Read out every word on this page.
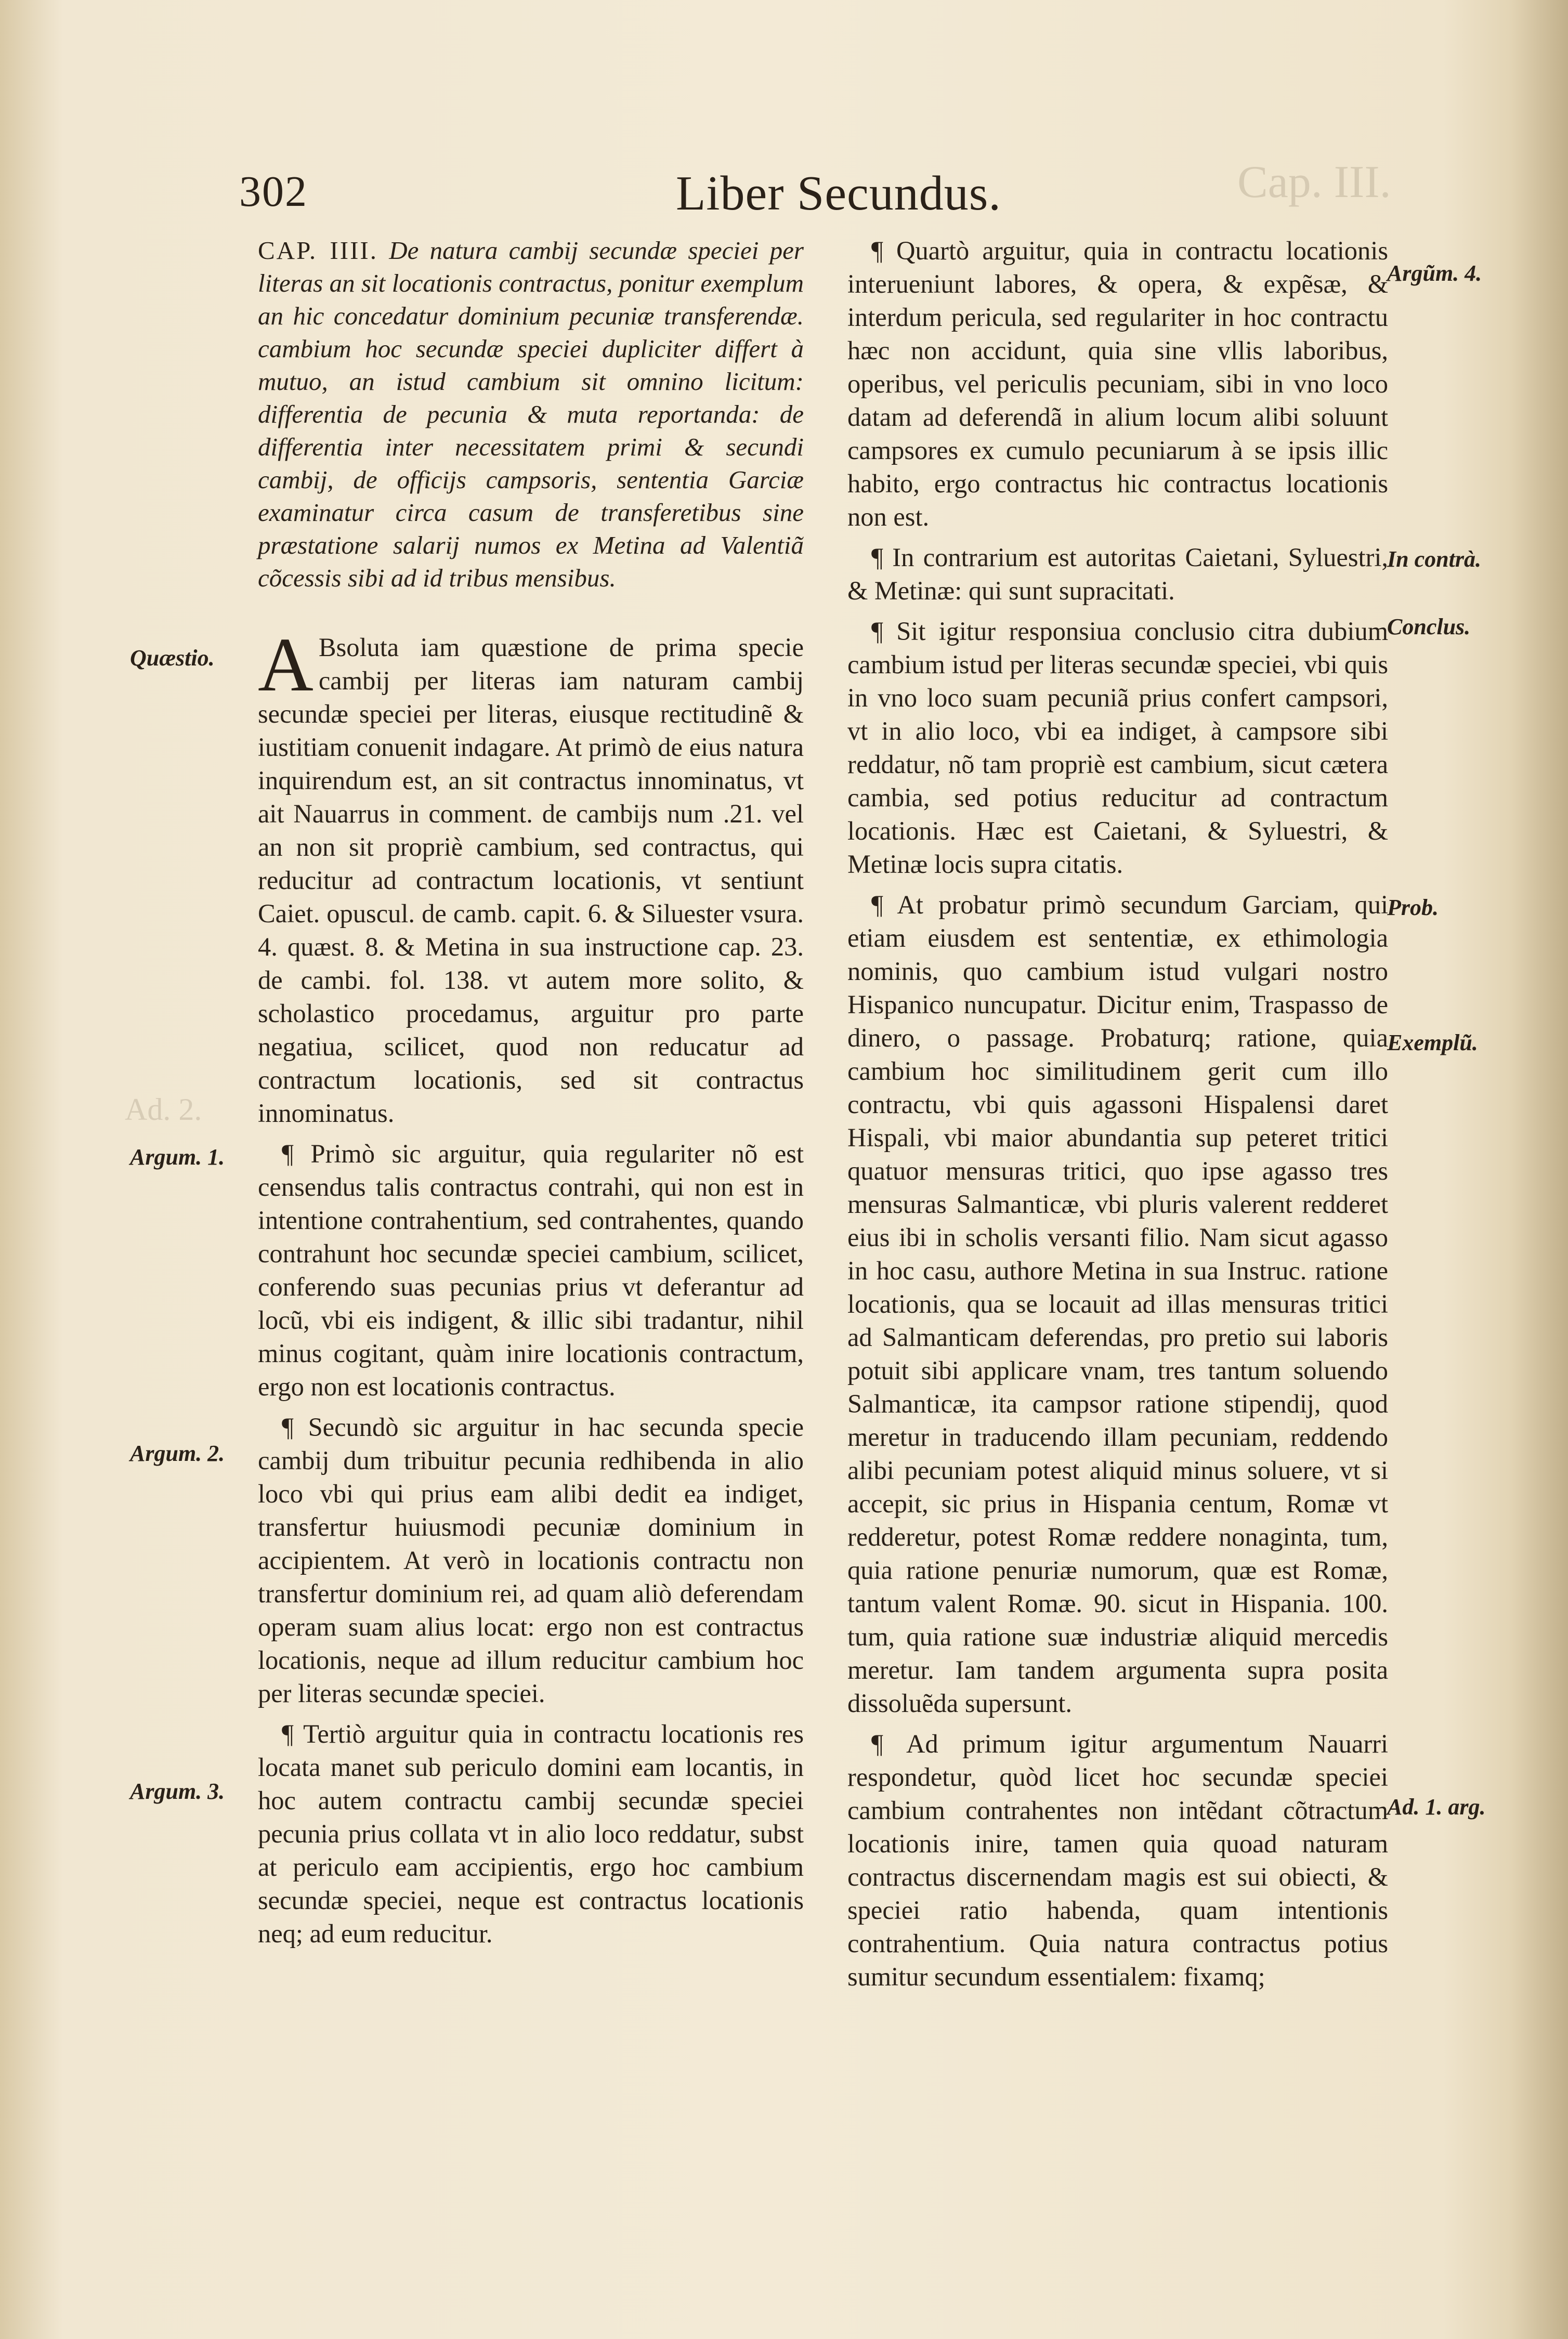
Cap. III.
Ad. 2.
302	Liber Secundus.

CAP. IIII. De natura cambij secundæ speciei per literas an sit locationis contractus, ponitur exemplum an hic concedatur dominium pecuniæ transferendæ. cambium hoc secundæ speciei dupliciter differt à mutuo, an istud cambium sit omnino licitum: differentia de pecunia & muta reportanda: de differentia inter necessitatem primi & secundi cambij, de officijs campsoris, sententia Garciæ examinatur circa casum de transferetibus sine præstatione salarij numos ex Metina ad Valentiã cõcessis sibi ad id tribus mensibus.

A Bsoluta iam quæstione de prima specie cambij per literas iam naturam cambij secundæ speciei per literas, eiusque rectitudinẽ & iustitiam conuenit indagare. At primò de eius natura inquirendum est, an sit contractus innominatus, vt ait Nauarrus in comment. de cambijs num .21. vel an non sit propriè cambium, sed contractus, qui reducitur ad contractum locationis, vt sentiunt Caiet. opuscul. de camb. capit. 6. & Siluester vsura. 4. quæst. 8. & Metina in sua instructione cap. 23. de cambi. fol. 138. vt autem more solito, & scholastico procedamus, arguitur pro parte negatiua, scilicet, quod non reducatur ad contractum locationis, sed sit contractus innominatus.

¶ Primò sic arguitur, quia regulariter nõ est censendus talis contractus contrahi, qui non est in intentione contrahentium, sed contrahentes, quando contrahunt hoc secundæ speciei cambium, scilicet, conferendo suas pecunias prius vt deferantur ad locũ, vbi eis indigent, & illic sibi tradantur, nihil minus cogitant, quàm inire locationis contractum, ergo non est locationis contractus.

¶ Secundò sic arguitur in hac secunda specie cambij dum tribuitur pecunia redhibenda in alio loco vbi qui prius eam alibi dedit ea indiget, transfertur huiusmodi pecuniæ dominium in accipientem. At verò in locationis contractu non transfertur dominium rei, ad quam aliò deferendam operam suam alius locat: ergo non est contractus locationis, neque ad illum reducitur cambium hoc per literas secundæ speciei.

¶ Tertiò arguitur quia in contractu locationis res locata manet sub periculo domini eam locantis, in hoc autem contractu cambij secundæ speciei pecunia prius collata vt in alio loco reddatur, subst at periculo eam accipientis, ergo hoc cambium secundæ speciei, neque est contractus locationis neq; ad eum reducitur.

¶ Quartò arguitur, quia in contractu locationis interueniunt labores, & opera, & expẽsæ, & interdum pericula, sed regulariter in hoc contractu hæc non accidunt, quia sine vllis laboribus, operibus, vel periculis pecuniam, sibi in vno loco datam ad deferendã in alium locum alibi soluunt campsores ex cumulo pecuniarum à se ipsis illic habito, ergo contractus hic contractus locationis non est.

¶ In contrarium est autoritas Caietani, Syluestri, & Metinæ: qui sunt supracitati.

¶ Sit igitur responsiua conclusio citra dubium cambium istud per literas secundæ speciei, vbi quis in vno loco suam pecuniã prius confert campsori, vt in alio loco, vbi ea indiget, à campsore sibi reddatur, nõ tam propriè est cambium, sicut cætera cambia, sed potius reducitur ad contractum locationis. Hæc est Caietani, & Syluestri, & Metinæ locis supra citatis.

¶ At probatur primò secundum Garciam, qui etiam eiusdem est sententiæ, ex ethimologia nominis, quo cambium istud vulgari nostro Hispanico nuncupatur. Dicitur enim, Traspasso de dinero, o passage. Probaturq; ratione, quia cambium hoc similitudinem gerit cum illo contractu, vbi quis agassoni Hispalensi daret Hispali, vbi maior abundantia sup peteret tritici quatuor mensuras tritici, quo ipse agasso tres mensuras Salmanticæ, vbi pluris valerent redderet eius ibi in scholis versanti filio. Nam sicut agasso in hoc casu, authore Metina in sua Instruc. ratione locationis, qua se locauit ad illas mensuras tritici ad Salmanticam deferendas, pro pretio sui laboris potuit sibi applicare vnam, tres tantum soluendo Salmanticæ, ita campsor ratione stipendij, quod meretur in traducendo illam pecuniam, reddendo alibi pecuniam potest aliquid minus soluere, vt si accepit, sic prius in Hispania centum, Romæ vt redderetur, potest Romæ reddere nonaginta, tum, quia ratione penuriæ numorum, quæ est Romæ, tantum valent Romæ. 90. sicut in Hispania. 100. tum, quia ratione suæ industriæ aliquid mercedis meretur. Iam tandem argumenta supra posita dissoluẽda supersunt.

¶ Ad primum igitur argumentum Nauarri respondetur, quòd licet hoc secundæ speciei cambium contrahentes non intẽdant cõtractum locationis inire, tamen quia quoad naturam contractus discernendam magis est sui obiecti, & speciei ratio habenda, quam intentionis contrahentium. Quia natura contractus potius sumitur secundum essentialem: fixamq;

Quæstio.
Argum. 1.
Argum. 2.
Argum. 3.
Argũm. 4.
In contrà.
Conclus.
Prob.
Exemplũ.
Ad. 1. arg.
